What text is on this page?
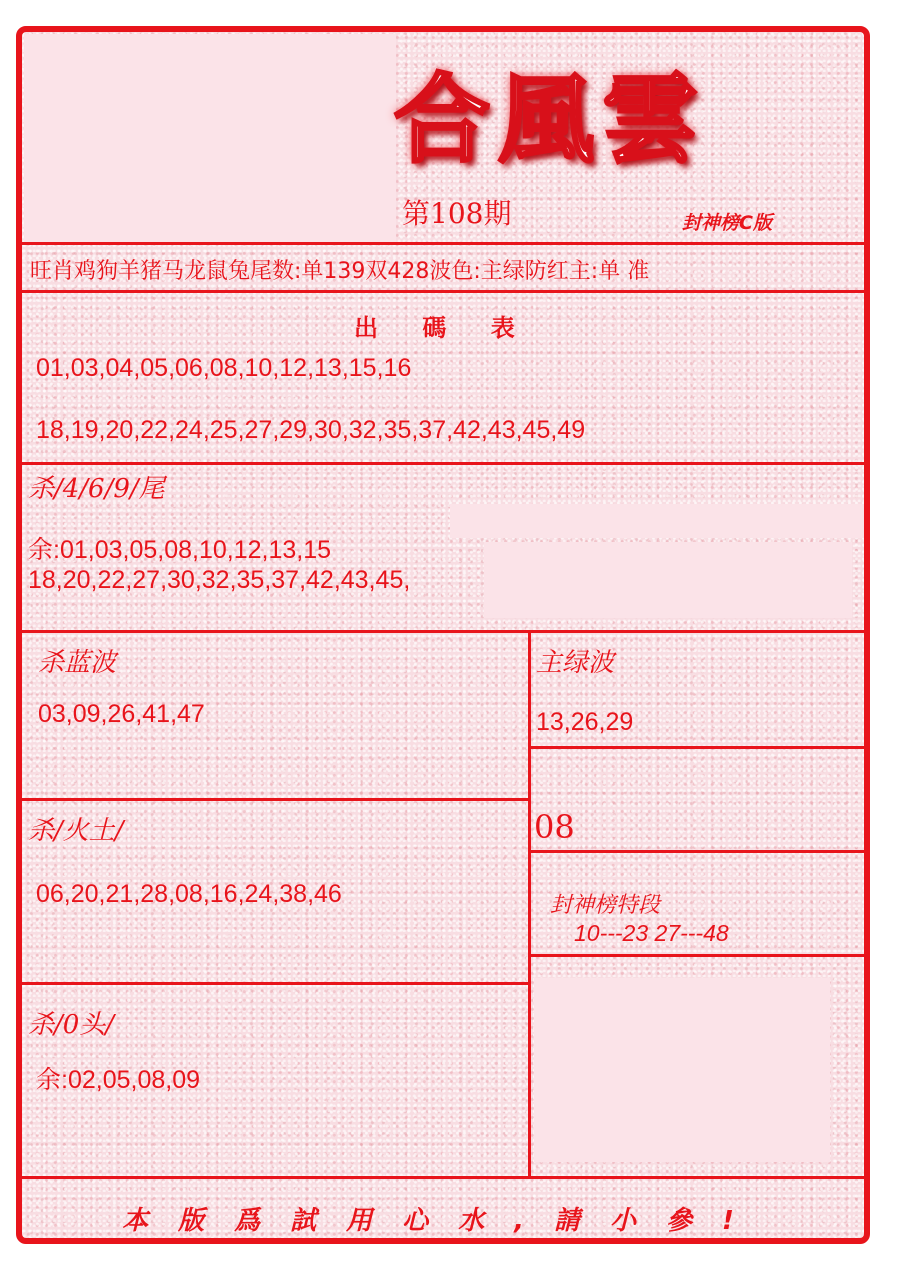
合風雲
第108期	封神榜C版
旺肖鸡狗羊猪马龙鼠兔尾数:单139双428波色:主绿防红主:单 准
出 碼 表
01,03,04,05,06,08,10,12,13,15,16
18,19,20,22,24,25,27,29,30,32,35,37,42,43,45,49
杀/4/6/9/尾
余:01,03,05,08,10,12,13,15
18,20,22,27,30,32,35,37,42,43,45,
杀蓝波
03,09,26,41,47
主绿波
13,26,29
08
杀/火土/
06,20,21,28,08,16,24,38,46	封神榜特段
10---23 27---48
杀/0头/
余:02,05,08,09
本版爲試用心水,請小參!
